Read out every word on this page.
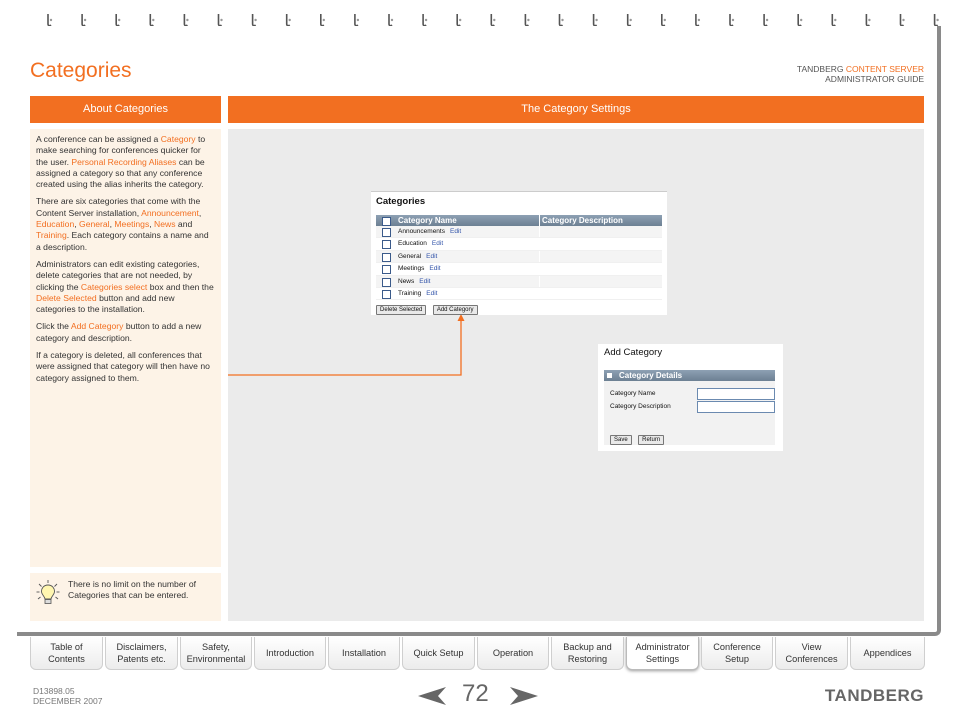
Categories	TANDBERG CONTENT SERVER
ADMINISTRATOR GUIDE
About Categories	The Category Settings

A conference can be assigned a Category to make searching for conferences quicker for the user. Personal Recording Aliases can be assigned a category so that any conference created using the alias inherits the category.

There are six categories that come with the Content Server installation, Announcement, Education, General, Meetings, News and Training. Each category contains a name and a description.

Administrators can edit existing categories, delete categories that are not needed, by clicking the Categories select box and then the Delete Selected button and add new categories to the installation.

Click the Add Category button to add a new category and description.

If a category is deleted, all conferences that were assigned that category will then have no category assigned to them.

There is no limit on the number of Categories that can be entered.
Categories
Category Name	Category Description
Announcements Edit
Education Edit
General Edit
Meetings Edit
News Edit
Training Edit
Delete Selected Add Category
Add Category
Category Details
Category Name
Category Description
Save Return
Table of Contents
Disclaimers, Patents etc.
Safety, Environmental
Introduction	Installation	Quick Setup	Operation
Backup and Restoring
Administrator Settings
Conference Setup
View Conferences
Appendices
D13898.05
DECEMBER 2007	72	TANDBERG
